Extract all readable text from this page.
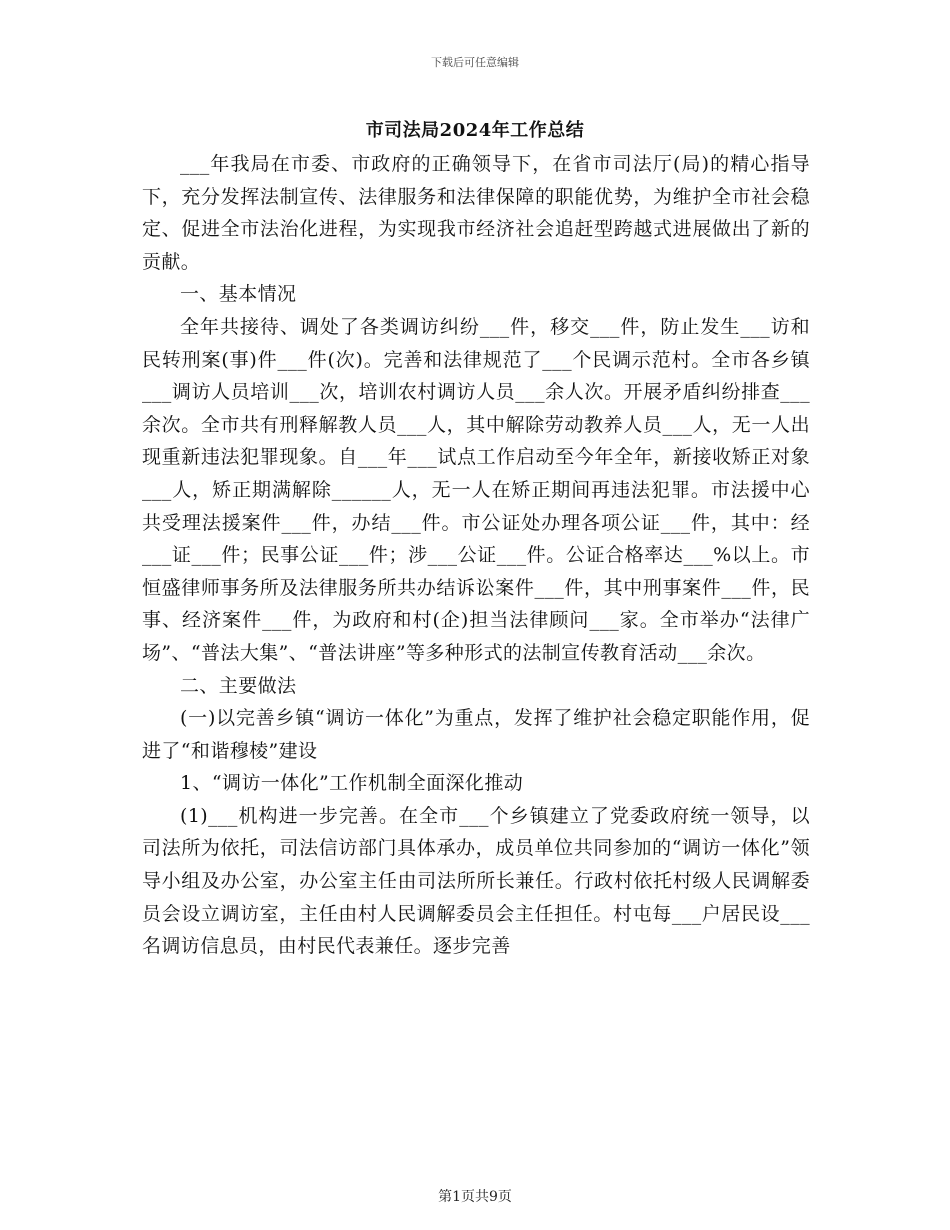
下载后可任意编辑
市司法局2024年工作总结

___年我局在市委、市政府的正确领导下，在省市司法厅(局)的精心指导下，充分发挥法制宣传、法律服务和法律保障的职能优势，为维护全市社会稳定、促进全市法治化进程，为实现我市经济社会追赶型跨越式进展做出了新的贡献。

一、基本情况

全年共接待、调处了各类调访纠纷___件，移交___件，防止发生___访和民转刑案(事)件___件(次)。完善和法律规范了___个民调示范村。全市各乡镇___调访人员培训___次，培训农村调访人员___余人次。开展矛盾纠纷排查___余次。全市共有刑释解教人员___人，其中解除劳动教养人员___人，无一人出现重新违法犯罪现象。自___年___试点工作启动至今年全年，新接收矫正对象___人，矫正期满解除______人，无一人在矫正期间再违法犯罪。市法援中心共受理法援案件___件，办结___件。市公证处办理各项公证___件，其中：经___证___件；民事公证___件；涉___公证___件。公证合格率达___%以上。市恒盛律师事务所及法律服务所共办结诉讼案件___件，其中刑事案件___件，民事、经济案件___件，为政府和村(企)担当法律顾问___家。全市举办“法律广场”、“普法大集”、“普法讲座”等多种形式的法制宣传教育活动___余次。

二、主要做法

(一)以完善乡镇“调访一体化”为重点，发挥了维护社会稳定职能作用，促进了“和谐穆棱”建设

1、“调访一体化”工作机制全面深化推动

(1)___机构进一步完善。在全市___个乡镇建立了党委政府统一领导，以司法所为依托，司法信访部门具体承办，成员单位共同参加的“调访一体化”领导小组及办公室，办公室主任由司法所所长兼任。行政村依托村级人民调解委员会设立调访室，主任由村人民调解委员会主任担任。村屯每___户居民设___名调访信息员，由村民代表兼任。逐步完善

第1页共9页
